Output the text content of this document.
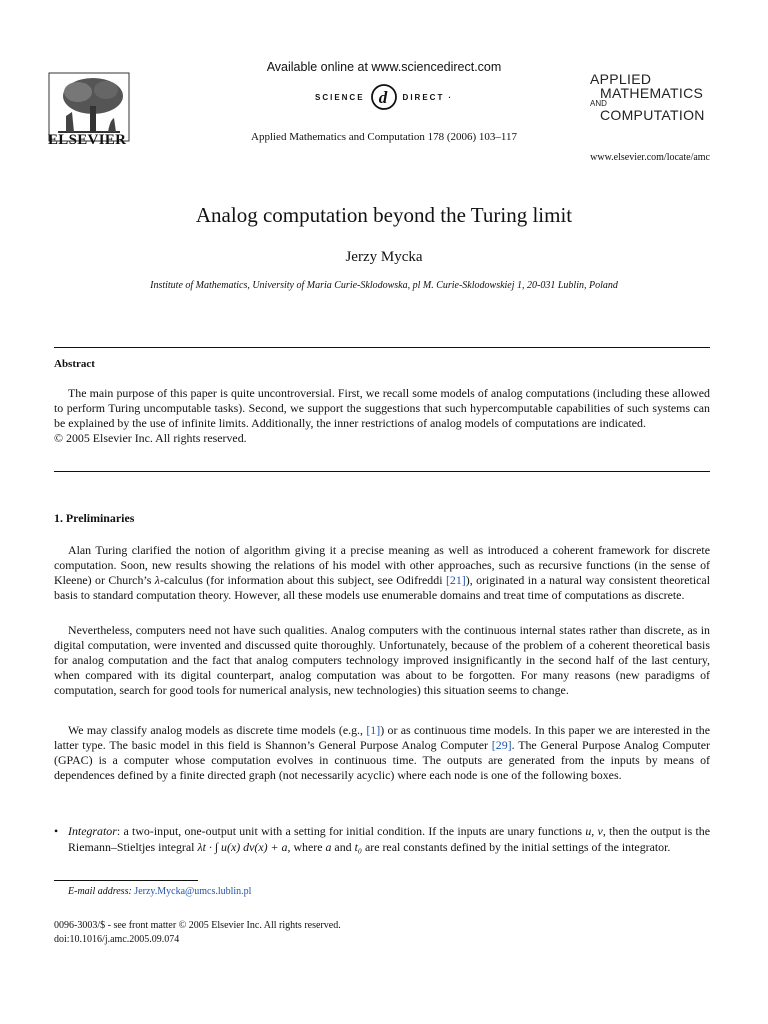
ELSEVIER
Available online at www.sciencedirect.com
SCIENCE d DIRECT ·
Applied Mathematics and Computation 178 (2006) 103–117
APPLIED
MATHEMATICS
AND
COMPUTATION
www.elsevier.com/locate/amc
Analog computation beyond the Turing limit
Jerzy Mycka
Institute of Mathematics, University of Maria Curie-Sklodowska, pl M. Curie-Sklodowskiej 1, 20-031 Lublin, Poland
Abstract
The main purpose of this paper is quite uncontroversial. First, we recall some models of analog computations (including these allowed to perform Turing uncomputable tasks). Second, we support the suggestions that such hypercomputable capabilities of such systems can be explained by the use of infinite limits. Additionally, the inner restrictions of analog models of computations are indicated.
© 2005 Elsevier Inc. All rights reserved.
1. Preliminaries
Alan Turing clarified the notion of algorithm giving it a precise meaning as well as introduced a coherent framework for discrete computation. Soon, new results showing the relations of his model with other approaches, such as recursive functions (in the sense of Kleene) or Church’s λ-calculus (for information about this subject, see Odifreddi [21]), originated in a natural way consistent theoretical basis to standard computation theory. However, all these models use enumerable domains and treat time of computations as discrete.
Nevertheless, computers need not have such qualities. Analog computers with the continuous internal states rather than discrete, as in digital computation, were invented and discussed quite thoroughly. Unfortunately, because of the problem of a coherent theoretical basis for analog computation and the fact that analog computers technology improved insignificantly in the second half of the last century, when compared with its digital counterpart, analog computation was about to be forgotten. For many reasons (new paradigms of computation, search for good tools for numerical analysis, new technologies) this situation seems to change.
We may classify analog models as discrete time models (e.g., [1]) or as continuous time models. In this paper we are interested in the latter type. The basic model in this field is Shannon’s General Purpose Analog Computer [29]. The General Purpose Analog Computer (GPAC) is a computer whose computation evolves in continuous time. The outputs are generated from the inputs by means of dependences defined by a finite directed graph (not necessarily acyclic) where each node is one of the following boxes.
• Integrator: a two-input, one-output unit with a setting for initial condition. If the inputs are unary functions u, v, then the output is the Riemann–Stieltjes integral λt · ∫ u(x) dv(x) + a, where a and t₀ are real constants defined by the initial settings of the integrator.
E-mail address: Jerzy.Mycka@umcs.lublin.pl
0096-3003/$ - see front matter © 2005 Elsevier Inc. All rights reserved.
doi:10.1016/j.amc.2005.09.074
